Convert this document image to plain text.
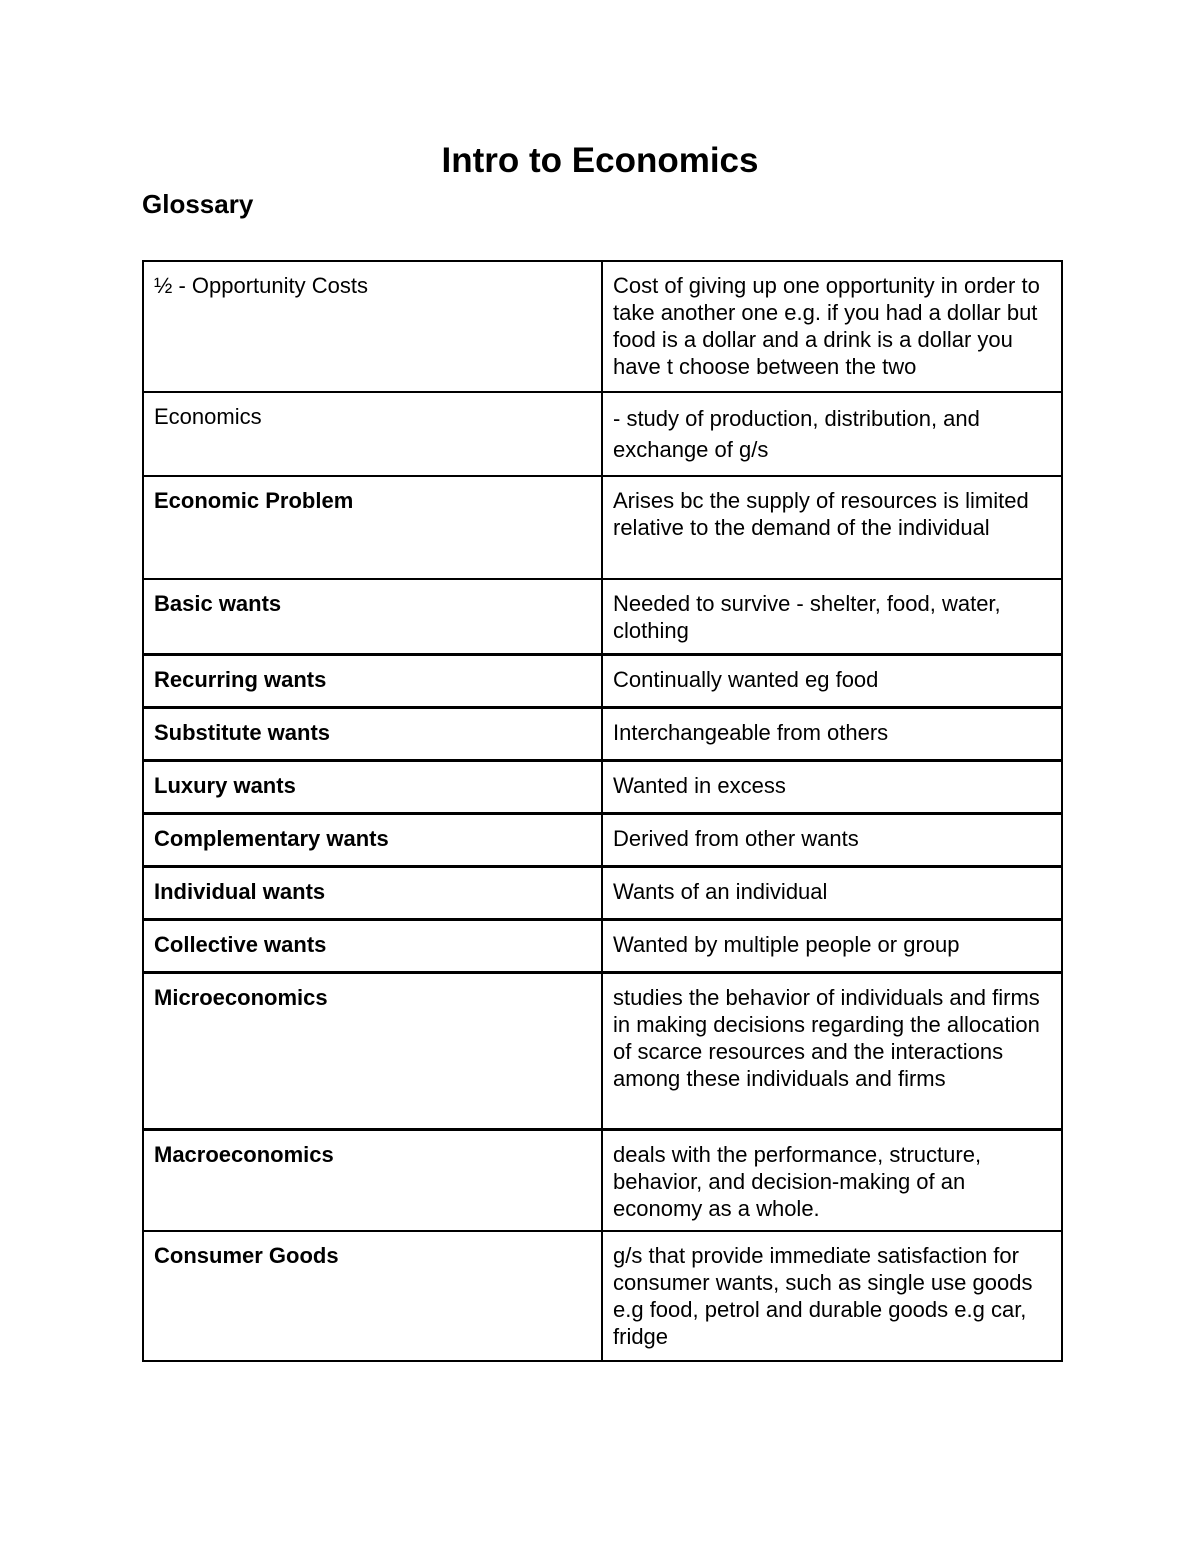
Intro to Economics
Glossary
½ - Opportunity Costs	Cost of giving up one opportunity in order to take another one e.g. if you had a dollar but food is a dollar and a drink is a dollar you have t choose between the two
Economics	- study of production, distribution, and exchange of g/s
Economic Problem	Arises bc the supply of resources is limited relative to the demand of the individual
Basic wants	Needed to survive - shelter, food, water, clothing
Recurring wants	Continually wanted eg food
Substitute wants	Interchangeable from others
Luxury wants	Wanted in excess
Complementary wants	Derived from other wants
Individual wants	Wants of an individual
Collective wants	Wanted by multiple people or group
Microeconomics	studies the behavior of individuals and firms in making decisions regarding the allocation of scarce resources and the interactions among these individuals and firms
Macroeconomics	deals with the performance, structure, behavior, and decision-making of an economy as a whole.
Consumer Goods	g/s that provide immediate satisfaction for consumer wants, such as single use goods e.g food, petrol and durable goods e.g car, fridge
